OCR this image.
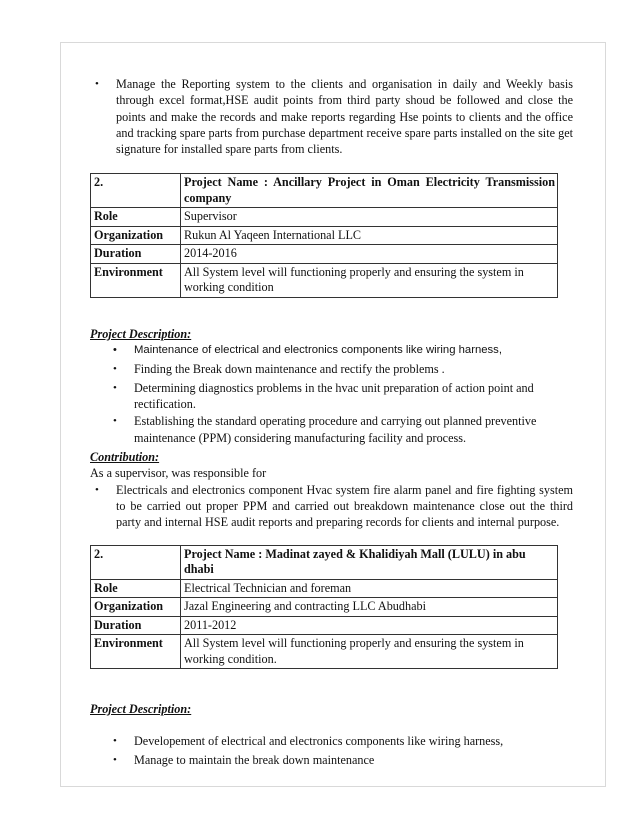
• Manage the Reporting system to the clients and organisation in daily and Weekly basis through excel format,HSE audit points from third party shoud be followed and close the points and make the records and make reports regarding Hse points to clients and the office and tracking spare parts from purchase department receive spare parts installed on the site get signature for installed spare parts from clients.
2.	Project Name : Ancillary Project in Oman Electricity Transmission company
Role	Supervisor
Organization	Rukun Al Yaqeen International LLC
Duration	2014-2016
Environment	All System level will functioning properly and ensuring the system in working condition
Project Description:
• Maintenance of electrical and electronics components like wiring harness,
• Finding the Break down maintenance and rectify the problems .
• Determining diagnostics problems in the hvac unit preparation of action point and rectification.
• Establishing the standard operating procedure and carrying out planned preventive maintenance (PPM) considering manufacturing facility and process.
Contribution:
As a supervisor, was responsible for
• Electricals and electronics component Hvac system fire alarm panel and fire fighting system to be carried out proper PPM and carried out breakdown maintenance close out the third party and internal HSE audit reports and preparing records for clients and internal purpose.
2.	Project Name : Madinat zayed & Khalidiyah Mall (LULU) in abu dhabi
Role	Electrical Technician and foreman
Organization	Jazal Engineering and contracting LLC Abudhabi
Duration	2011-2012
Environment	All System level will functioning properly and ensuring the system in working condition.
Project Description:
• Developement of electrical and electronics components like wiring harness,
• Manage to maintain the break down maintenance
